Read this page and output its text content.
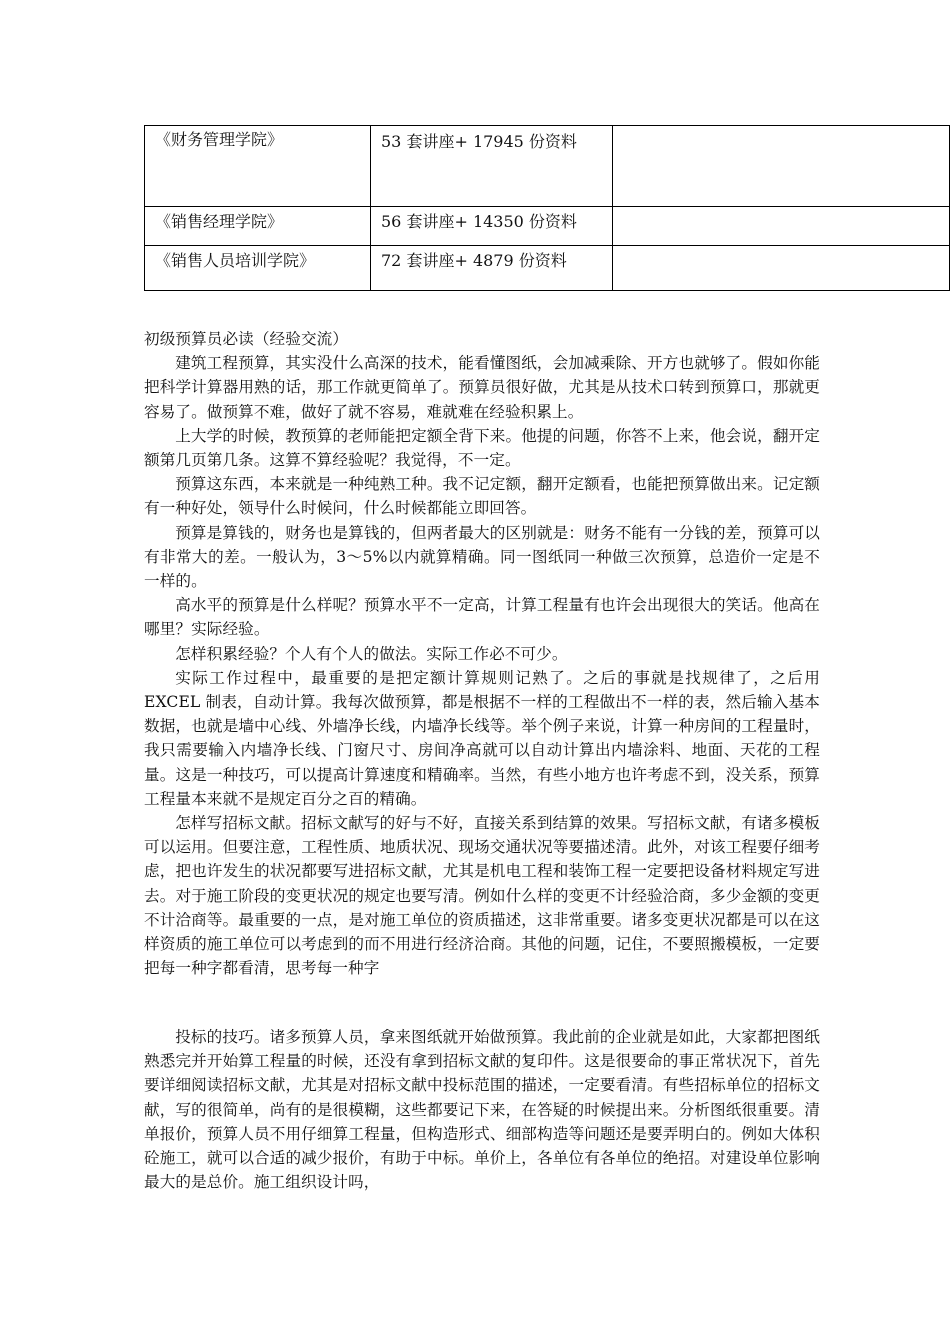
《财务管理学院》	53 套讲座+ 17945 份资料	

《销售经理学院》	56 套讲座+ 14350 份资料	

《销售人员培训学院》	72 套讲座+ 4879 份资料	

初级预算员必读（经验交流）

建筑工程预算，其实没什么高深的技术，能看懂图纸，会加减乘除、开方也就够了。假如你能把科学计算器用熟的话，那工作就更简单了。预算员很好做，尤其是从技术口转到预算口，那就更容易了。做预算不难，做好了就不容易，难就难在经验积累上。

上大学的时候，教预算的老师能把定额全背下来。他提的问题，你答不上来，他会说，翻开定额第几页第几条。这算不算经验呢？我觉得，不一定。

预算这东西，本来就是一种纯熟工种。我不记定额，翻开定额看，也能把预算做出来。记定额有一种好处，领导什么时候问，什么时候都能立即回答。

预算是算钱的，财务也是算钱的，但两者最大的区别就是：财务不能有一分钱的差，预算可以有非常大的差。一般认为，3～5%以内就算精确。同一图纸同一种做三次预算，总造价一定是不一样的。

高水平的预算是什么样呢？预算水平不一定高，计算工程量有也许会出现很大的笑话。他高在哪里？实际经验。

怎样积累经验？个人有个人的做法。实际工作必不可少。

实际工作过程中，最重要的是把定额计算规则记熟了。之后的事就是找规律了，之后用 EXCEL 制表，自动计算。我每次做预算，都是根据不一样的工程做出不一样的表，然后输入基本数据，也就是墙中心线、外墙净长线，内墙净长线等。举个例子来说，计算一种房间的工程量时，我只需要输入内墙净长线、门窗尺寸、房间净高就可以自动计算出内墙涂料、地面、天花的工程量。这是一种技巧，可以提高计算速度和精确率。当然，有些小地方也许考虑不到，没关系，预算工程量本来就不是规定百分之百的精确。

怎样写招标文献。招标文献写的好与不好，直接关系到结算的效果。写招标文献，有诸多模板可以运用。但要注意，工程性质、地质状况、现场交通状况等要描述清。此外，对该工程要仔细考虑，把也许发生的状况都要写进招标文献，尤其是机电工程和装饰工程一定要把设备材料规定写进去。对于施工阶段的变更状况的规定也要写清。例如什么样的变更不计经验洽商，多少金额的变更不计洽商等。最重要的一点，是对施工单位的资质描述，这非常重要。诸多变更状况都是可以在这样资质的施工单位可以考虑到的而不用进行经济洽商。其他的问题，记住，不要照搬模板，一定要把每一种字都看清，思考每一种字

投标的技巧。诸多预算人员，拿来图纸就开始做预算。我此前的企业就是如此，大家都把图纸熟悉完并开始算工程量的时候，还没有拿到招标文献的复印件。这是很要命的事正常状况下，首先要详细阅读招标文献，尤其是对招标文献中投标范围的描述，一定要看清。有些招标单位的招标文献，写的很简单，尚有的是很模糊，这些都要记下来，在答疑的时候提出来。分析图纸很重要。清单报价，预算人员不用仔细算工程量，但构造形式、细部构造等问题还是要弄明白的。例如大体积砼施工，就可以合适的减少报价，有助于中标。单价上，各单位有各单位的绝招。对建设单位影响最大的是总价。施工组织设计吗，
